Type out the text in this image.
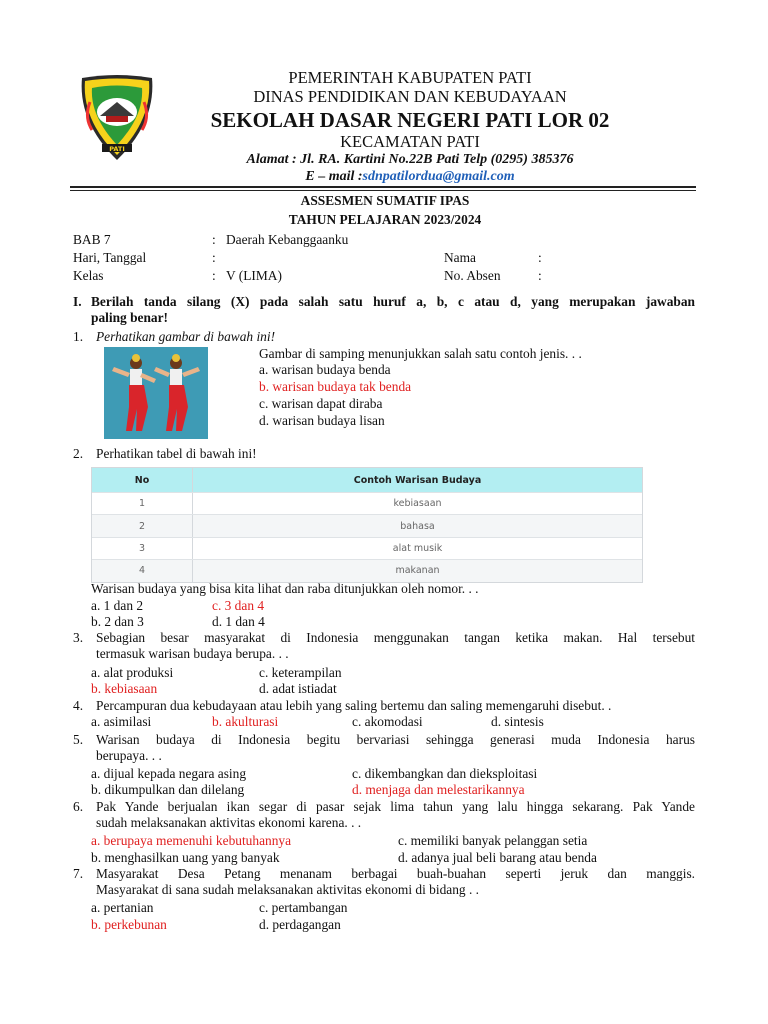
PATI
PEMERINTAH KABUPATEN PATI
DINAS PENDIDIKAN DAN KEBUDAYAAN
SEKOLAH DASAR NEGERI PATI LOR 02
KECAMATAN PATI
Alamat : Jl. RA. Kartini No.22B Pati Telp (0295) 385376
E – mail :sdnpatilordua@gmail.com
ASSESMEN SUMATIF IPAS
TAHUN PELAJARAN 2023/2024
BAB 7	: Daerah Kebanggaanku
Hari, Tanggal	:	Nama	:
Kelas	: V (LIMA)	No. Absen	:
I. Berilah tanda silang (X) pada salah satu huruf a, b, c atau d, yang merupakan jawaban
paling benar!
1. Perhatikan gambar di bawah ini!
Gambar di samping menunjukkan salah satu contoh jenis. . .
a. warisan budaya benda
b. warisan budaya tak benda
c. warisan dapat diraba
d. warisan budaya lisan
2. Perhatikan tabel di bawah ini!
No	Contoh Warisan Budaya
1	kebiasaan
2	bahasa
3	alat musik
4	makanan
Warisan budaya yang bisa kita lihat dan raba ditunjukkan oleh nomor. . .
a. 1 dan 2	c. 3 dan 4
b. 2 dan 3	d. 1 dan 4
3. Sebagian besar masyarakat di Indonesia menggunakan tangan ketika makan. Hal tersebut
termasuk warisan budaya berupa. . .
a. alat produksi	c. keterampilan
b. kebiasaan	d. adat istiadat
4. Percampuran dua kebudayaan atau lebih yang saling bertemu dan saling memengaruhi disebut. .
a. asimilasi	b. akulturasi	c. akomodasi	d. sintesis
5. Warisan budaya di Indonesia begitu bervariasi sehingga generasi muda Indonesia harus
berupaya. . .
a. dijual kepada negara asing	c. dikembangkan dan dieksploitasi
b. dikumpulkan dan dilelang	d. menjaga dan melestarikannya
6. Pak Yande berjualan ikan segar di pasar sejak lima tahun yang lalu hingga sekarang. Pak Yande
sudah melaksanakan aktivitas ekonomi karena. . .
a. berupaya memenuhi kebutuhannya	c. memiliki banyak pelanggan setia
b. menghasilkan uang yang banyak	d. adanya jual beli barang atau benda
7. Masyarakat Desa Petang menanam berbagai buah-buahan seperti jeruk dan manggis.
Masyarakat di sana sudah melaksanakan aktivitas ekonomi di bidang . .
a. pertanian	c. pertambangan
b. perkebunan	d. perdagangan
